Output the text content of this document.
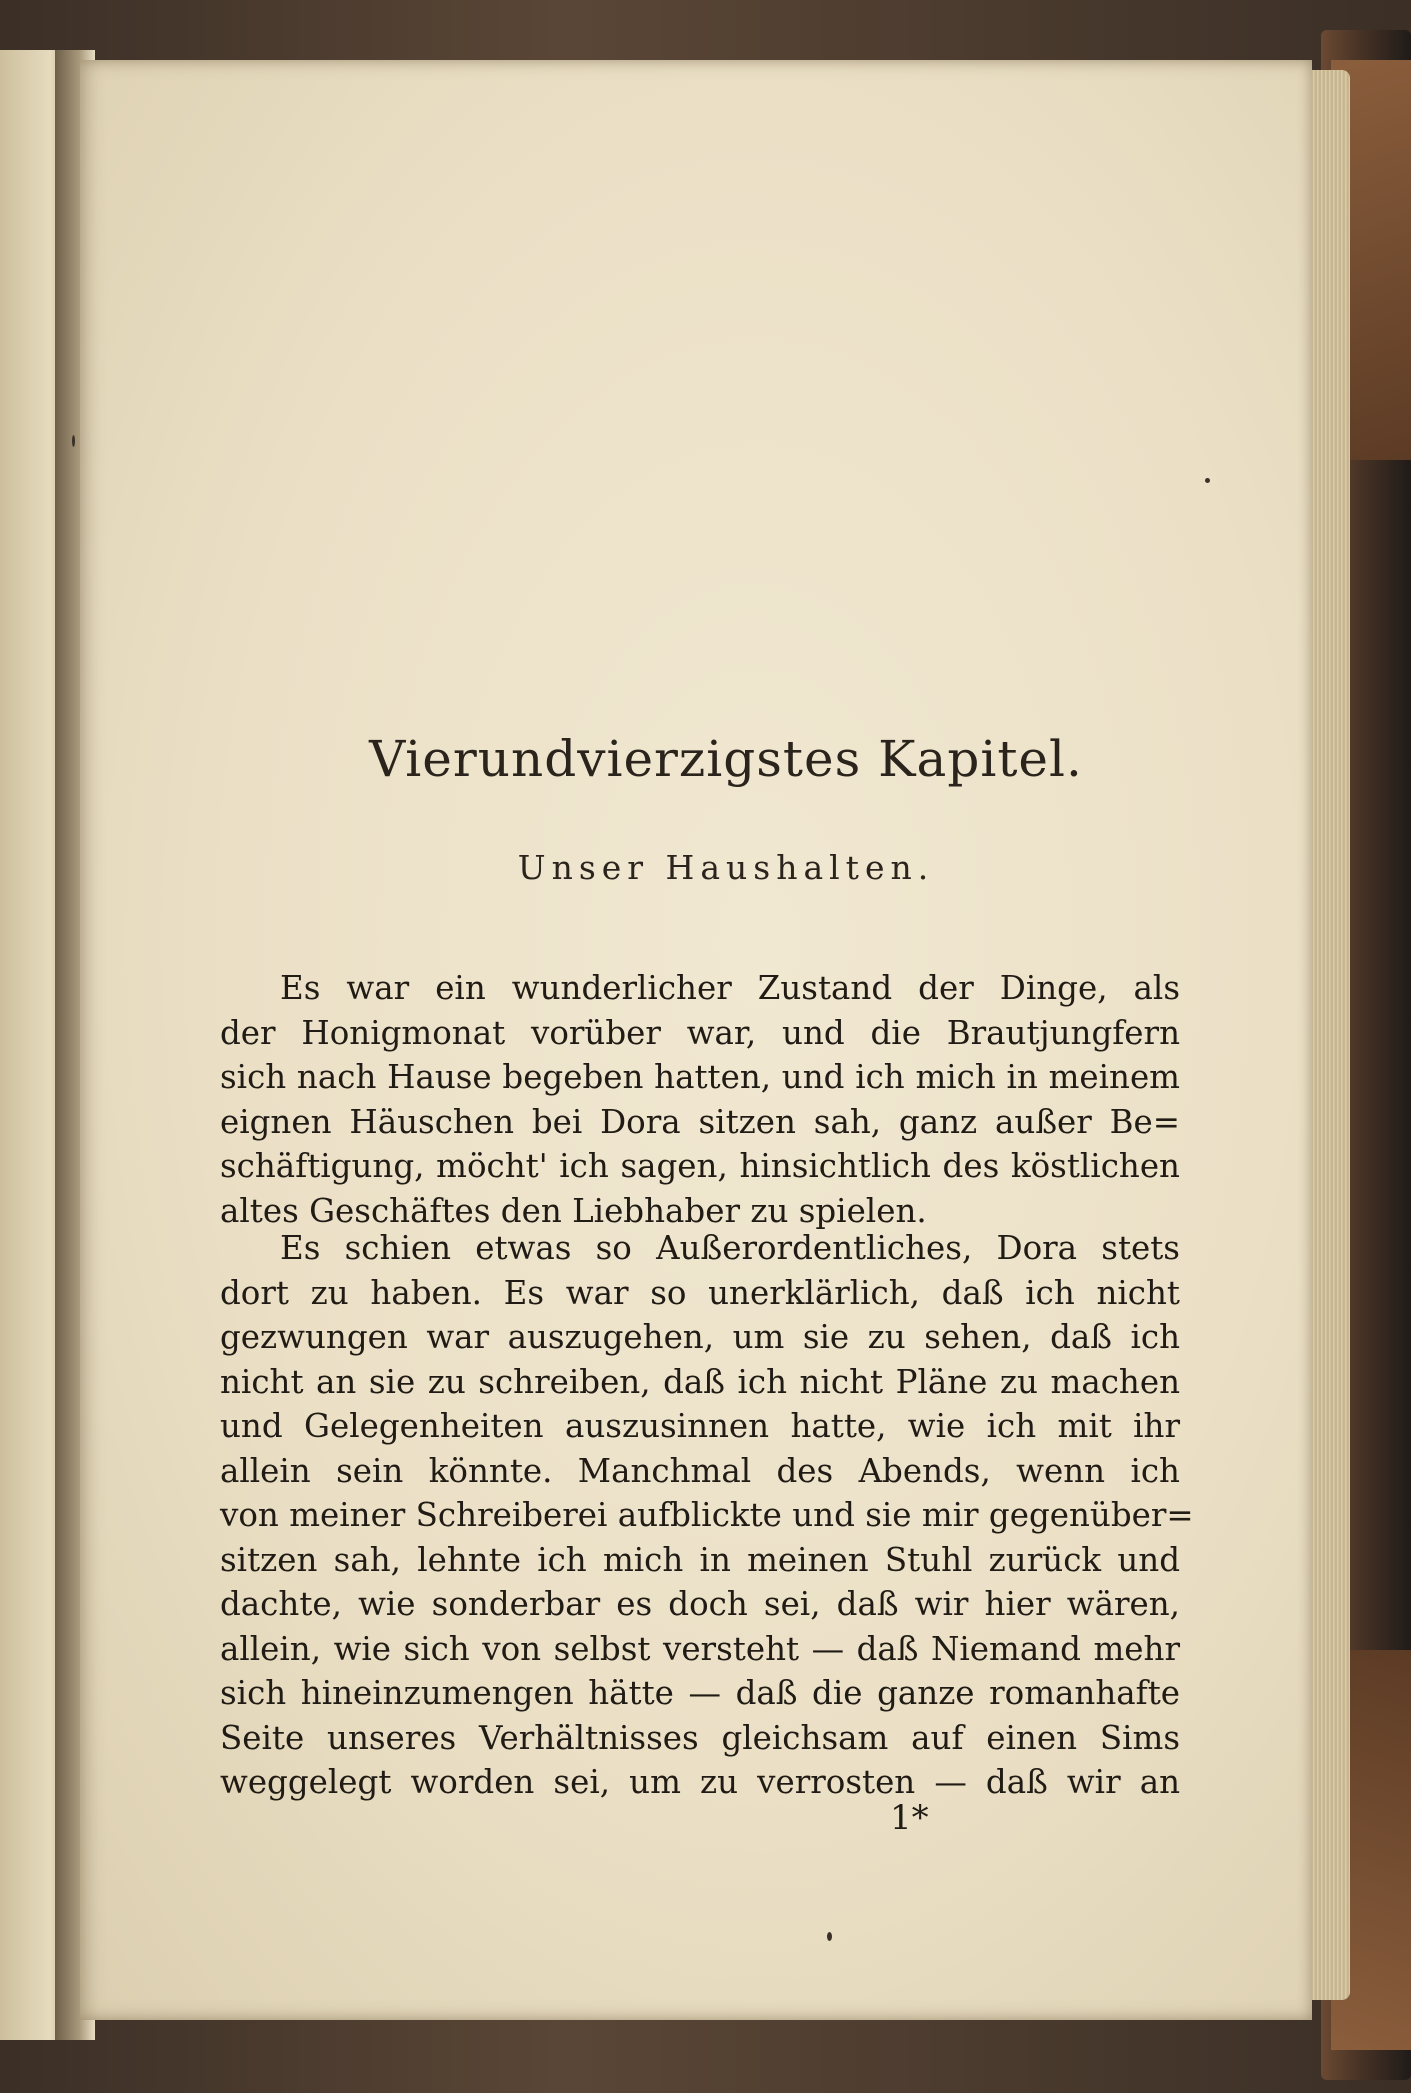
Vierundvierzigstes Kapitel.
Unser Haushalten.
Es war ein wunderlicher Zustand der Dinge, als
der Honigmonat vorüber war, und die Brautjungfern
sich nach Hause begeben hatten, und ich mich in meinem
eignen Häuschen bei Dora sitzen sah, ganz außer Be=
schäftigung, möcht' ich sagen, hinsichtlich des köstlichen
altes Geschäftes den Liebhaber zu spielen.
Es schien etwas so Außerordentliches, Dora stets
dort zu haben. Es war so unerklärlich, daß ich nicht
gezwungen war auszugehen, um sie zu sehen, daß ich
nicht an sie zu schreiben, daß ich nicht Pläne zu machen
und Gelegenheiten auszusinnen hatte, wie ich mit ihr
allein sein könnte. Manchmal des Abends, wenn ich
von meiner Schreiberei aufblickte und sie mir gegenüber=
sitzen sah, lehnte ich mich in meinen Stuhl zurück und
dachte, wie sonderbar es doch sei, daß wir hier wären,
allein, wie sich von selbst versteht — daß Niemand mehr
sich hineinzumengen hätte — daß die ganze romanhafte
Seite unseres Verhältnisses gleichsam auf einen Sims
weggelegt worden sei, um zu verrosten — daß wir an
1*
